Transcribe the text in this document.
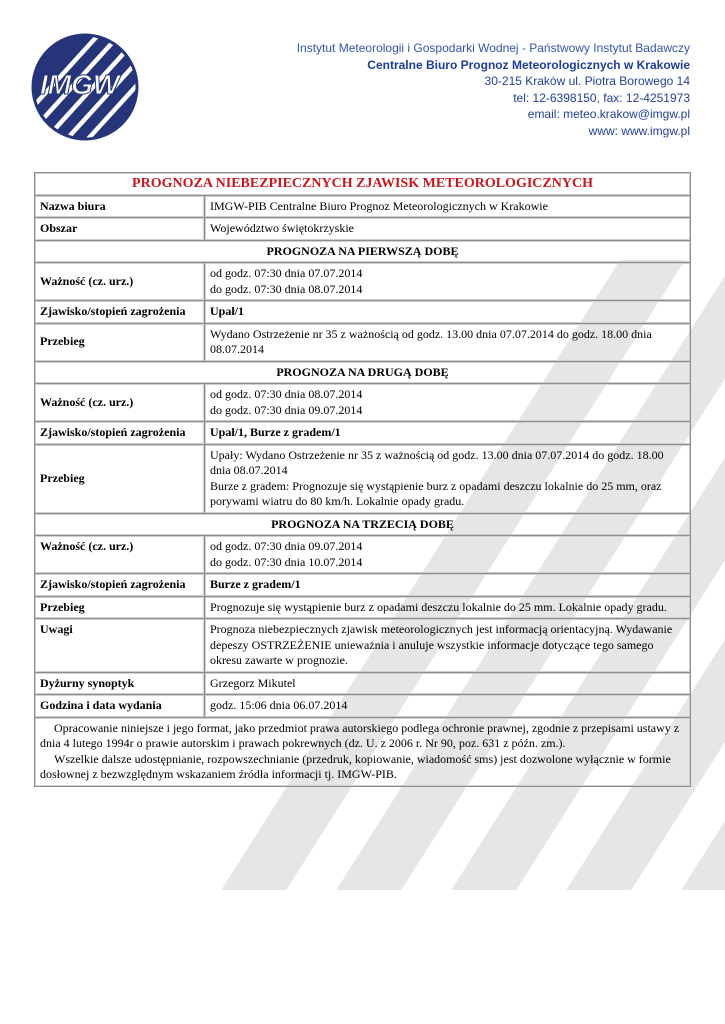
IMGW
Instytut Meteorologii i Gospodarki Wodnej - Państwowy Instytut Badawczy
Centralne Biuro Prognoz Meteorologicznych w Krakowie
30-215 Kraków ul. Piotra Borowego 14
tel: 12-6398150, fax: 12-4251973
email: meteo.krakow@imgw.pl
www: www.imgw.pl
PROGNOZA NIEBEZPIECZNYCH ZJAWISK METEOROLOGICZNYCH	
Nazwa biura	IMGW-PIB Centralne Biuro Prognoz Meteorologicznych w Krakowie
Obszar	Województwo świętokrzyskie
PROGNOZA NA PIERWSZĄ DOBĘ	
Ważność (cz. urz.)	od godz. 07:30 dnia 07.07.2014
do godz. 07:30 dnia 08.07.2014

Zjawisko/stopień zagrożenia	Upał/1
Przebieg	Wydano Ostrzeżenie nr 35 z ważnością od godz. 13.00 dnia 07.07.2014 do godz. 18.00 dnia 08.07.2014
PROGNOZA NA DRUGĄ DOBĘ	
Ważność (cz. urz.)	od godz. 07:30 dnia 08.07.2014
do godz. 07:30 dnia 09.07.2014

Zjawisko/stopień zagrożenia	Upał/1, Burze z gradem/1
Przebieg	Upały: Wydano Ostrzeżenie nr 35 z ważnością od godz. 13.00 dnia 07.07.2014 do godz. 18.00 dnia 08.07.2014
Burze z gradem: Prognozuje się wystąpienie burz z opadami deszczu lokalnie do 25 mm, oraz porywami wiatru do 80 km/h. Lokalnie opady gradu.

PROGNOZA NA TRZECIĄ DOBĘ	
Ważność (cz. urz.)	od godz. 07:30 dnia 09.07.2014
do godz. 07:30 dnia 10.07.2014

Zjawisko/stopień zagrożenia	Burze z gradem/1
Przebieg	Prognozuje się wystąpienie burz z opadami deszczu lokalnie do 25 mm. Lokalnie opady gradu.
Uwagi	Prognoza niebezpiecznych zjawisk meteorologicznych jest informacją orientacyjną. Wydawanie depeszy OSTRZEŻENIE unieważnia i anuluje wszystkie informacje dotyczące tego samego okresu zawarte w prognozie.
Dyżurny synoptyk	Grzegorz Mikutel
Godzina i data wydania	godz. 15:06 dnia 06.07.2014

Opracowanie niniejsze i jego format, jako przedmiot prawa autorskiego podlega ochronie prawnej, zgodnie z przepisami ustawy z dnia 4 lutego 1994r o prawie autorskim i prawach pokrewnych (dz. U. z 2006 r. Nr 90, poz. 631 z późn. zm.).

Wszelkie dalsze udostępnianie, rozpowszechnianie (przedruk, kopiowanie, wiadomość sms) jest dozwolone wyłącznie w formie dosłownej z bezwzględnym wskazaniem źródła informacji tj. IMGW-PIB.	
